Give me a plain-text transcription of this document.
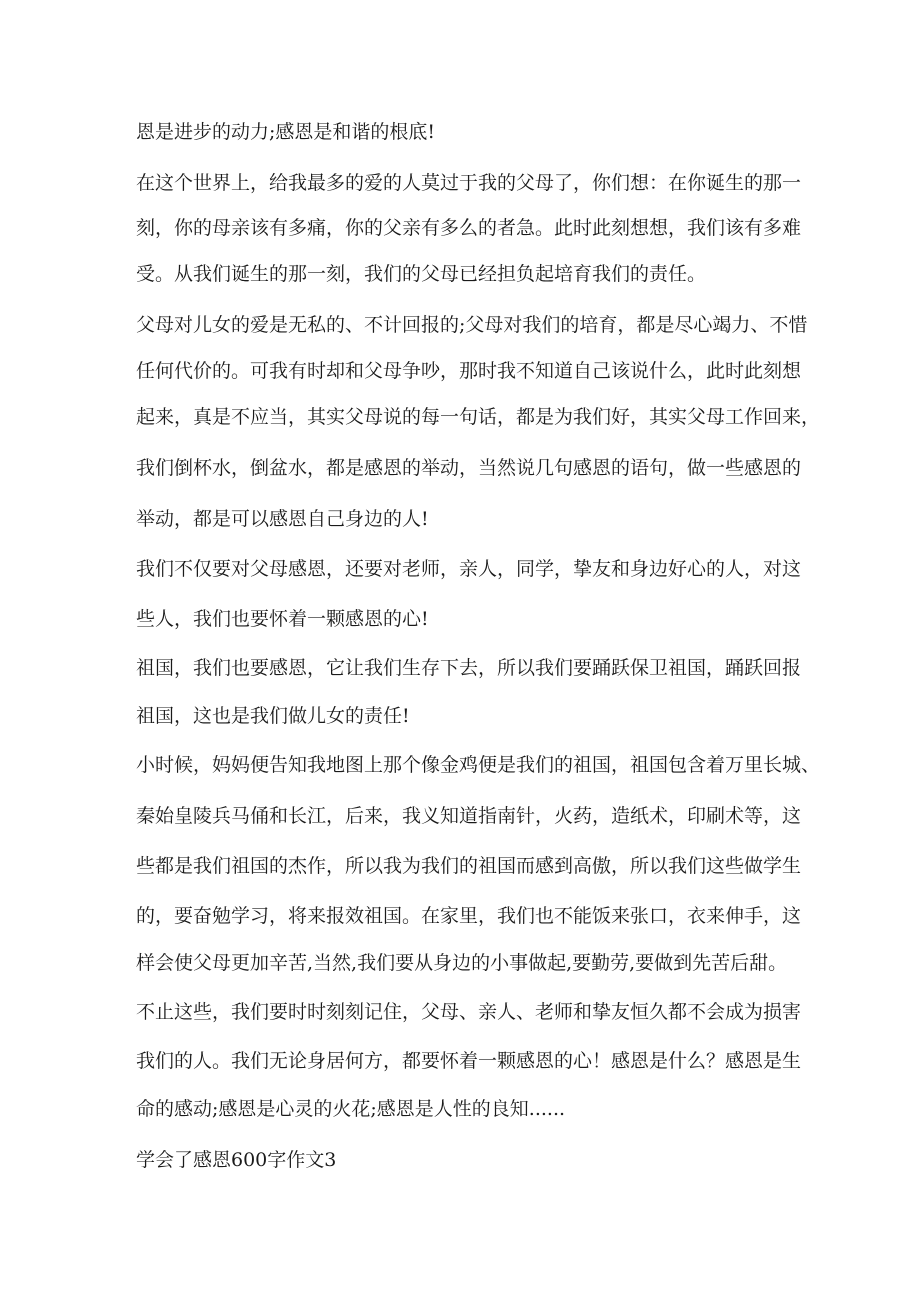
恩是进步的动力;感恩是和谐的根底!

在这个世界上，给我最多的爱的人莫过于我的父母了，你们想：在你诞生的那一

刻，你的母亲该有多痛，你的父亲有多么的者急。此时此刻想想，我们该有多难

受。从我们诞生的那一刻，我们的父母已经担负起培育我们的责任。

父母对儿女的爱是无私的、不计回报的;父母对我们的培育，都是尽心竭力、不惜

任何代价的。可我有时却和父母争吵，那时我不知道自己该说什么，此时此刻想

起来，真是不应当，其实父母说的每一句话，都是为我们好，其实父母工作回来，

我们倒杯水，倒盆水，都是感恩的举动，当然说几句感恩的语句，做一些感恩的

举动，都是可以感恩自己身边的人!

我们不仅要对父母感恩，还要对老师，亲人，同学，挚友和身边好心的人，对这

些人，我们也要怀着一颗感恩的心!

祖国，我们也要感恩，它让我们生存下去，所以我们要踊跃保卫祖国，踊跃回报

祖国，这也是我们做儿女的责任!

小时候，妈妈便告知我地图上那个像金鸡便是我们的祖国，祖国包含着万里长城、

秦始皇陵兵马俑和长江，后来，我义知道指南针，火药，造纸术，印刷术等，这

些都是我们祖国的杰作，所以我为我们的祖国而感到高傲，所以我们这些做学生

的，要奋勉学习，将来报效祖国。在家里，我们也不能饭来张口，衣来伸手，这

样会使父母更加辛苦,当然,我们要从身边的小事做起,要勤劳,要做到先苦后甜。

不止这些，我们要时时刻刻记住，父母、亲人、老师和挚友恒久都不会成为损害

我们的人。我们无论身居何方，都要怀着一颗感恩的心！感恩是什么？感恩是生

命的感动;感恩是心灵的火花;感恩是人性的良知......

学会了感恩600字作文3
